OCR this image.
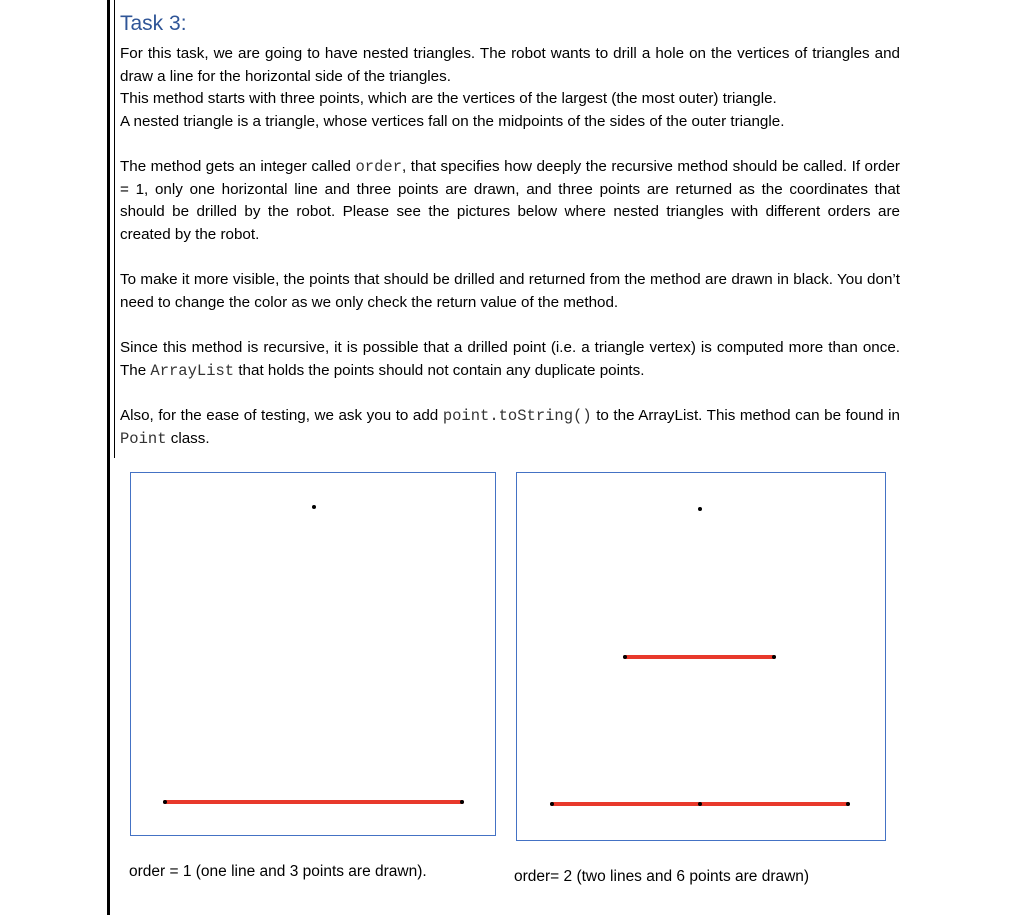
Task 3:

For this task, we are going to have nested triangles. The robot wants to drill a hole on the vertices of triangles and draw a line for the horizontal side of the triangles.
This method starts with three points, which are the vertices of the largest (the most outer) triangle.
A nested triangle is a triangle, whose vertices fall on the midpoints of the sides of the outer triangle.

The method gets an integer called order, that specifies how deeply the recursive method should be called. If order = 1, only one horizontal line and three points are drawn, and three points are returned as the coordinates that should be drilled by the robot. Please see the pictures below where nested triangles with different orders are created by the robot.

To make it more visible, the points that should be drilled and returned from the method are drawn in black. You don’t need to change the color as we only check the return value of the method.

Since this method is recursive, it is possible that a drilled point (i.e. a triangle vertex) is computed more than once. The ArrayList that holds the points should not contain any duplicate points.

Also, for the ease of testing, we ask you to add point.toString() to the ArrayList. This method can be found in Point class.

order = 1 (one line and 3 points are drawn).	order= 2 (two lines and 6 points are drawn)
